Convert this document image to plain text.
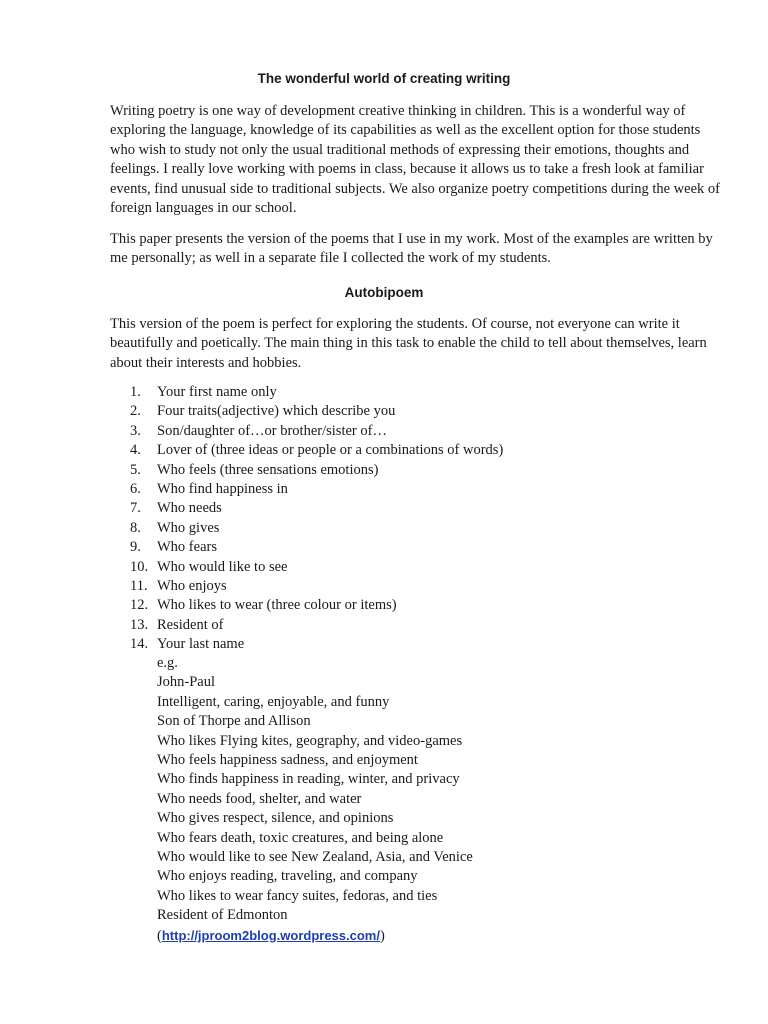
The wonderful world of creating writing

Writing poetry is one way of development creative thinking in children. This is a wonderful way of exploring the language, knowledge of its capabilities as well as the excellent option for those students who wish to study not only the usual traditional methods of expressing their emotions, thoughts and feelings. I really love working with poems in class, because it allows us to take a fresh look at familiar events, find unusual side to traditional subjects. We also organize poetry competitions during the week of foreign languages in our school.

This paper presents the version of the poems that I use in my work. Most of the examples are written by me personally; as well in a separate file I collected the work of my students.

Autobipoem

This version of the poem is perfect for exploring the students. Of course, not everyone can write it beautifully and poetically. The main thing in this task to enable the child to tell about themselves, learn about their interests and hobbies.

1.	Your first name only
2.	Four traits(adjective) which describe you
3.	Son/daughter of…or brother/sister of…
4.	Lover of (three ideas or people or a combinations of words)
5.	Who feels (three sensations emotions)
6.	Who find happiness in
7.	Who needs
8.	Who gives
9.	Who fears
10. Who would like to see
11. Who enjoys
12. Who likes to wear (three colour or items)
13. Resident of
14. Your last name
e.g.
John-Paul
Intelligent, caring, enjoyable, and funny
Son of Thorpe and Allison
Who likes Flying kites, geography, and video-games
Who feels happiness sadness, and enjoyment
Who finds happiness in reading, winter, and privacy
Who needs food, shelter, and water
Who gives respect, silence, and opinions
Who fears death, toxic creatures, and being alone
Who would like to see New Zealand, Asia, and Venice
Who enjoys reading, traveling, and company
Who likes to wear fancy suites, fedoras, and ties
Resident of Edmonton
(http://jproom2blog.wordpress.com/)
